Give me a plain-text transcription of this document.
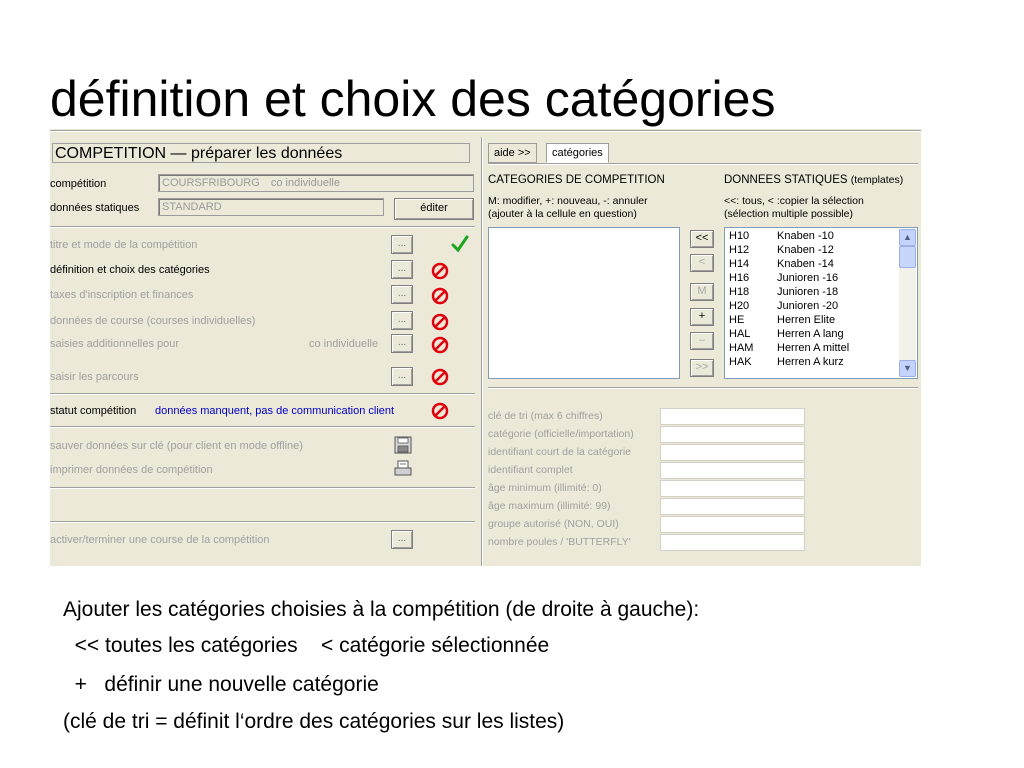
définition et choix des catégories
COMPETITION — préparer les données
compétition	COURSFRIBOURG co individuelle
données statiques	STANDARD	éditer
titre et mode de la compétition	...
définition et choix des catégories	...
taxes d'inscription et finances	...
données de course (courses individuelles)	...
saisies additionnelles pour	co individuelle	...
saisir les parcours	...
statut compétition données manquent, pas de communication client
sauver données sur clé (pour client en mode offline)
imprimer données de compétition
activer/terminer une course de la compétition	...
aide >>	catégories
CATEGORIES DE COMPETITION
M: modifier, +: nouveau, -: annuler
(ajouter à la cellule en question)
DONNEES STATIQUES (templates)
<<: tous, < :copier la sélection
(sélection multiple possible)
<<
<
M
+
–
>>
H10	Knaben -10
H12	Knaben -12
H14	Knaben -14
H16	Junioren -16
H18	Junioren -18
H20	Junioren -20
HE	Herren Elite
HAL Herren A lang
HAM Herren A mittel
HAK Herren A kurz
▲
▼
clé de tri (max 6 chiffres)
catégorie (officielle/importation)
identifiant court de la catégorie
identifiant complet
âge minimum (illimité: 0)
âge maximum (illimité: 99)
groupe autorisé (NON, OUI)
nombre poules / 'BUTTERFLY'
Ajouter les catégories choisies à la compétition (de droite à gauche):
<< toutes les catégories    < catégorie sélectionnée
+   définir une nouvelle catégorie
(clé de tri = définit l‘ordre des catégories sur les listes)
